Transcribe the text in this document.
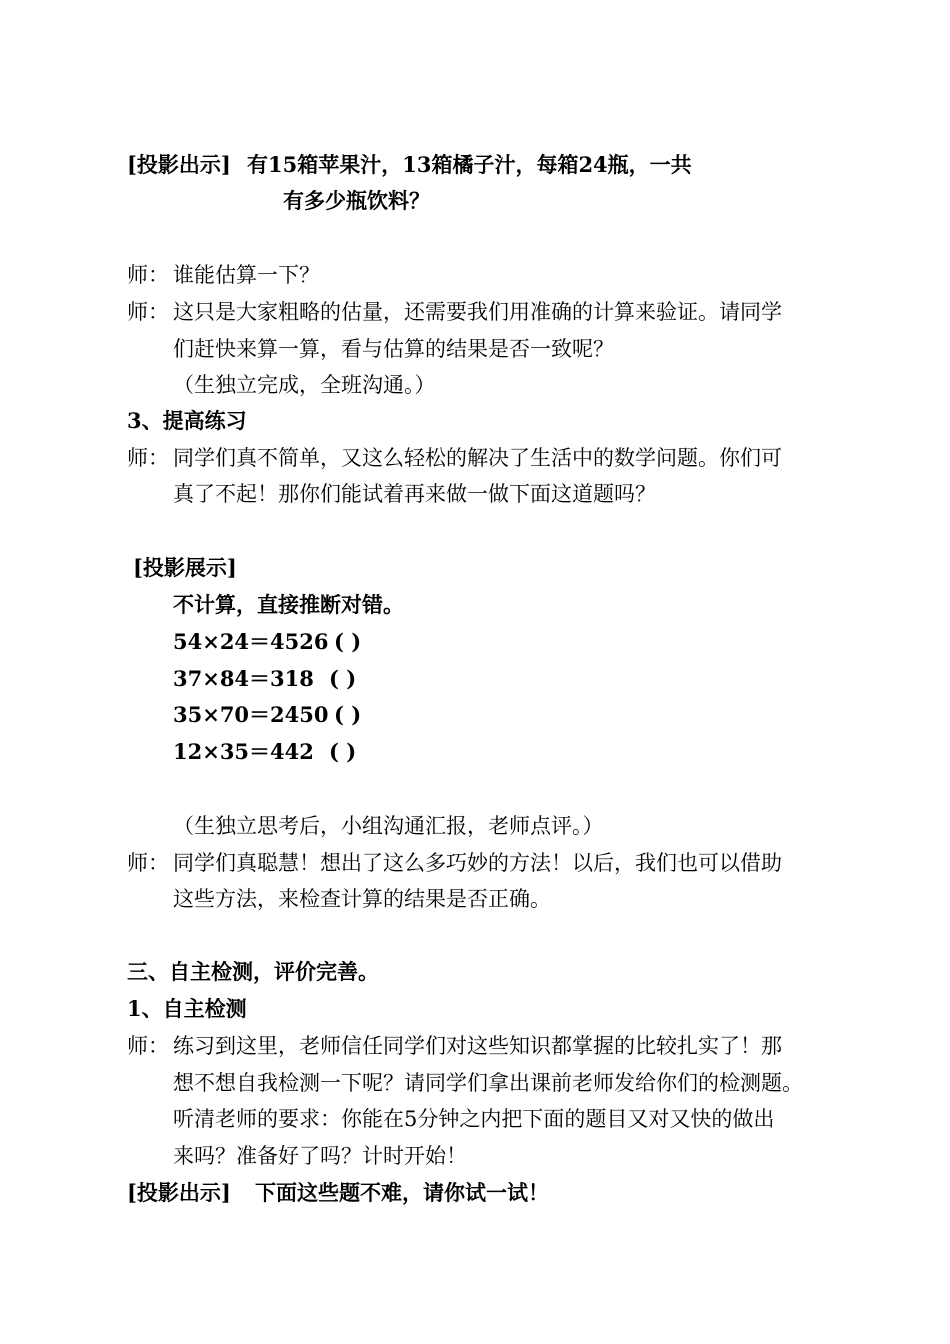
[投影出示] 有15箱苹果汁，13箱橘子汁，每箱24瓶，一共
有多少瓶饮料？
师： 谁能估算一下？
师： 这只是大家粗略的估量，还需要我们用准确的计算来验证。请同学
们赶快来算一算，看与估算的结果是否一致呢？
（生独立完成，全班沟通。）
3、提高练习
师： 同学们真不简单，又这么轻松的解决了生活中的数学问题。你们可
真了不起！那你们能试着再来做一做下面这道题吗？
[投影展示]
不计算，直接推断对错。
54×24＝4526 ( )
37×84＝318 ( )
35×70＝2450 ( )
12×35＝442 ( )
（生独立思考后，小组沟通汇报，老师点评。）
师： 同学们真聪慧！想出了这么多巧妙的方法！以后，我们也可以借助
这些方法，来检查计算的结果是否正确。
三、自主检测，评价完善。
1、自主检测
师： 练习到这里，老师信任同学们对这些知识都掌握的比较扎实了！那
想不想自我检测一下呢？请同学们拿出课前老师发给你们的检测题。
听清老师的要求：你能在5分钟之内把下面的题目又对又快的做出
来吗？准备好了吗？计时开始！
[投影出示] 下面这些题不难，请你试一试！
